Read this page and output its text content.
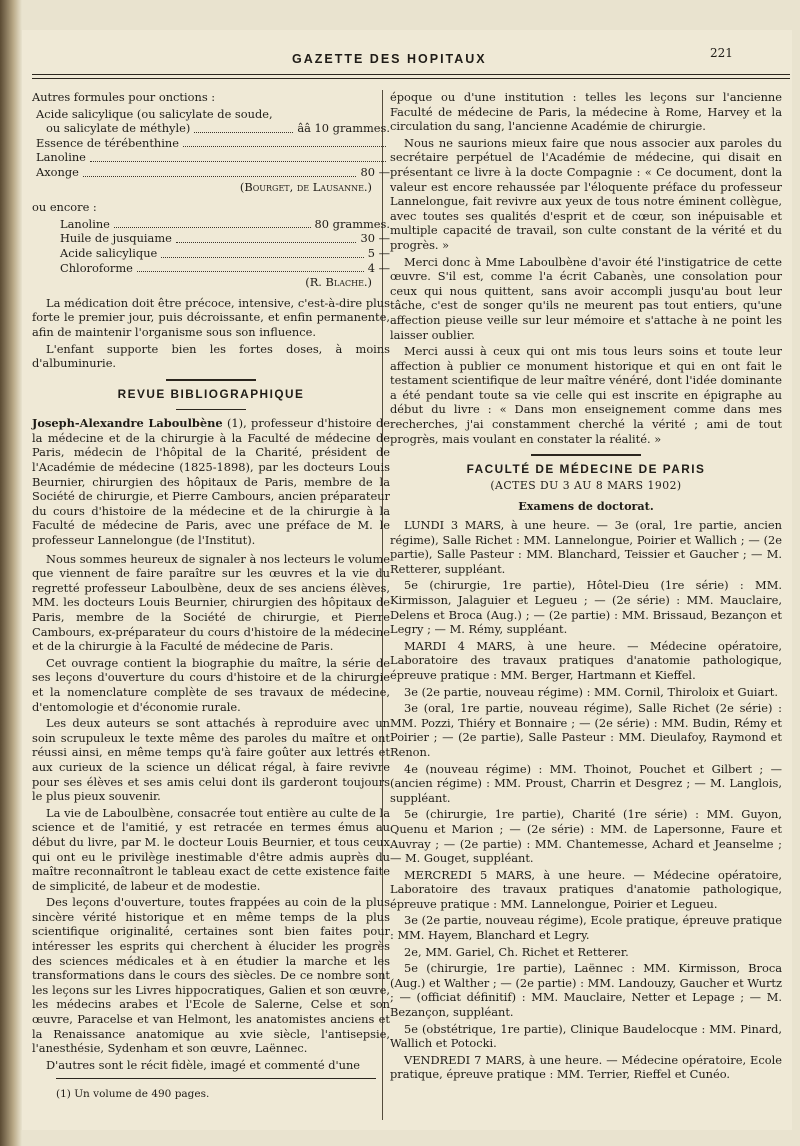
GAZETTE DES HOPITAUX	221

Autres formules pour onctions :

Acide salicylique (ou salicylate de soude,
ou salicylate de méthyle)	ââ 10 grammes.
Essence de térébenthine
Lanoline
Axonge	80 —
(Bourget, de Lausanne.)

ou encore :

Lanoline	80 grammes.
Huile de jusquiame	30 —
Acide salicylique	5 —
Chloroforme	4 —
(R. Blache.)

La médication doit être précoce, intensive, c'est-à-dire plus forte le premier jour, puis décroissante, et enfin permanente, afin de maintenir l'organisme sous son influence.

L'enfant supporte bien les fortes doses, à moins d'albuminurie.

REVUE BIBLIOGRAPHIQUE

Joseph-Alexandre Laboulbène (1), professeur d'histoire de la médecine et de la chirurgie à la Faculté de médecine de Paris, médecin de l'hôpital de la Charité, président de l'Académie de médecine (1825-1898), par les docteurs Louis Beurnier, chirurgien des hôpitaux de Paris, membre de la Société de chirurgie, et Pierre Cambours, ancien préparateur du cours d'histoire de la médecine et de la chirurgie à la Faculté de médecine de Paris, avec une préface de M. le professeur Lannelongue (de l'Institut).

Nous sommes heureux de signaler à nos lecteurs le volume que viennent de faire paraître sur les œuvres et la vie du regretté professeur Laboulbène, deux de ses anciens élèves, MM. les docteurs Louis Beurnier, chirurgien des hôpitaux de Paris, membre de la Société de chirurgie, et Pierre Cambours, ex-préparateur du cours d'histoire de la médecine et de la chirurgie à la Faculté de médecine de Paris.

Cet ouvrage contient la biographie du maître, la série de ses leçons d'ouverture du cours d'histoire et de la chirurgie et la nomenclature complète de ses travaux de médecine, d'entomologie et d'économie rurale.

Les deux auteurs se sont attachés à reproduire avec un soin scrupuleux le texte même des paroles du maître et ont réussi ainsi, en même temps qu'à faire goûter aux lettrés et aux curieux de la science un délicat régal, à faire revivre pour ses élèves et ses amis celui dont ils garderont toujours le plus pieux souvenir.

La vie de Laboulbène, consacrée tout entière au culte de la science et de l'amitié, y est retracée en termes émus au début du livre, par M. le docteur Louis Beurnier, et tous ceux qui ont eu le privilège inestimable d'être admis auprès du maître reconnaîtront le tableau exact de cette existence faite de simplicité, de labeur et de modestie.

Des leçons d'ouverture, toutes frappées au coin de la plus sincère vérité historique et en même temps de la plus scientifique originalité, certaines sont bien faites pour intéresser les esprits qui cherchent à élucider les progrès des sciences médicales et à en étudier la marche et les transformations dans le cours des siècles. De ce nombre sont les leçons sur les Livres hippocratiques, Galien et son œuvre, les médecins arabes et l'Ecole de Salerne, Celse et son œuvre, Paracelse et van Helmont, les anatomistes anciens et la Renaissance anatomique au xvie siècle, l'antisepsie, l'anesthésie, Sydenham et son œuvre, Laënnec.

D'autres sont le récit fidèle, imagé et commenté d'une

(1) Un volume de 490 pages.

époque ou d'une institution : telles les leçons sur l'ancienne Faculté de médecine de Paris, la médecine à Rome, Harvey et la circulation du sang, l'ancienne Académie de chirurgie.

Nous ne saurions mieux faire que nous associer aux paroles du secrétaire perpétuel de l'Académie de médecine, qui disait en présentant ce livre à la docte Compagnie : « Ce document, dont la valeur est encore rehaussée par l'éloquente préface du professeur Lannelongue, fait revivre aux yeux de tous notre éminent collègue, avec toutes ses qualités d'esprit et de cœur, son inépuisable et multiple capacité de travail, son culte constant de la vérité et du progrès. »

Merci donc à Mme Laboulbène d'avoir été l'instigatrice de cette œuvre. S'il est, comme l'a écrit Cabanès, une consolation pour ceux qui nous quittent, sans avoir accompli jusqu'au bout leur tâche, c'est de songer qu'ils ne meurent pas tout entiers, qu'une affection pieuse veille sur leur mémoire et s'attache à ne point les laisser oublier.

Merci aussi à ceux qui ont mis tous leurs soins et toute leur affection à publier ce monument historique et qui en ont fait le testament scientifique de leur maître vénéré, dont l'idée dominante a été pendant toute sa vie celle qui est inscrite en épigraphe au début du livre : « Dans mon enseignement comme dans mes recherches, j'ai constamment cherché la vérité ; ami de tout progrès, mais voulant en constater la réalité. »

FACULTÉ DE MÉDECINE DE PARIS
(ACTES DU 3 AU 8 MARS 1902)
Examens de doctorat.

LUNDI 3 MARS, à une heure. — 3e (oral, 1re partie, ancien régime), Salle Richet : MM. Lannelongue, Poirier et Wallich ; — (2e partie), Salle Pasteur : MM. Blanchard, Teissier et Gaucher ; — M. Retterer, suppléant.

5e (chirurgie, 1re partie), Hôtel-Dieu (1re série) : MM. Kirmisson, Jalaguier et Legueu ; — (2e série) : MM. Mauclaire, Delens et Broca (Aug.) ; — (2e partie) : MM. Brissaud, Bezançon et Legry ; — M. Rémy, suppléant.

MARDI 4 MARS, à une heure. — Médecine opératoire, Laboratoire des travaux pratiques d'anatomie pathologique, épreuve pratique : MM. Berger, Hartmann et Kieffel.

3e (2e partie, nouveau régime) : MM. Cornil, Thiroloix et Guiart.

3e (oral, 1re partie, nouveau régime), Salle Richet (2e série) : MM. Pozzi, Thiéry et Bonnaire ; — (2e série) : MM. Budin, Rémy et Poirier ; — (2e partie), Salle Pasteur : MM. Dieulafoy, Raymond et Renon.

4e (nouveau régime) : MM. Thoinot, Pouchet et Gilbert ; — (ancien régime) : MM. Proust, Charrin et Desgrez ; — M. Langlois, suppléant.

5e (chirurgie, 1re partie), Charité (1re série) : MM. Guyon, Quenu et Marion ; — (2e série) : MM. de Lapersonne, Faure et Auvray ; — (2e partie) : MM. Chantemesse, Achard et Jeanselme ; — M. Gouget, suppléant.

MERCREDI 5 MARS, à une heure. — Médecine opératoire, Laboratoire des travaux pratiques d'anatomie pathologique, épreuve pratique : MM. Lannelongue, Poirier et Legueu.

3e (2e partie, nouveau régime), Ecole pratique, épreuve pratique : MM. Hayem, Blanchard et Legry.

2e, MM. Gariel, Ch. Richet et Retterer.

5e (chirurgie, 1re partie), Laënnec : MM. Kirmisson, Broca (Aug.) et Walther ; — (2e partie) : MM. Landouzy, Gaucher et Wurtz ; — (officiat définitif) : MM. Mauclaire, Netter et Lepage ; — M. Bezançon, suppléant.

5e (obstétrique, 1re partie), Clinique Baudelocque : MM. Pinard, Wallich et Potocki.

VENDREDI 7 MARS, à une heure. — Médecine opératoire, Ecole pratique, épreuve pratique : MM. Terrier, Rieffel et Cunéo.
